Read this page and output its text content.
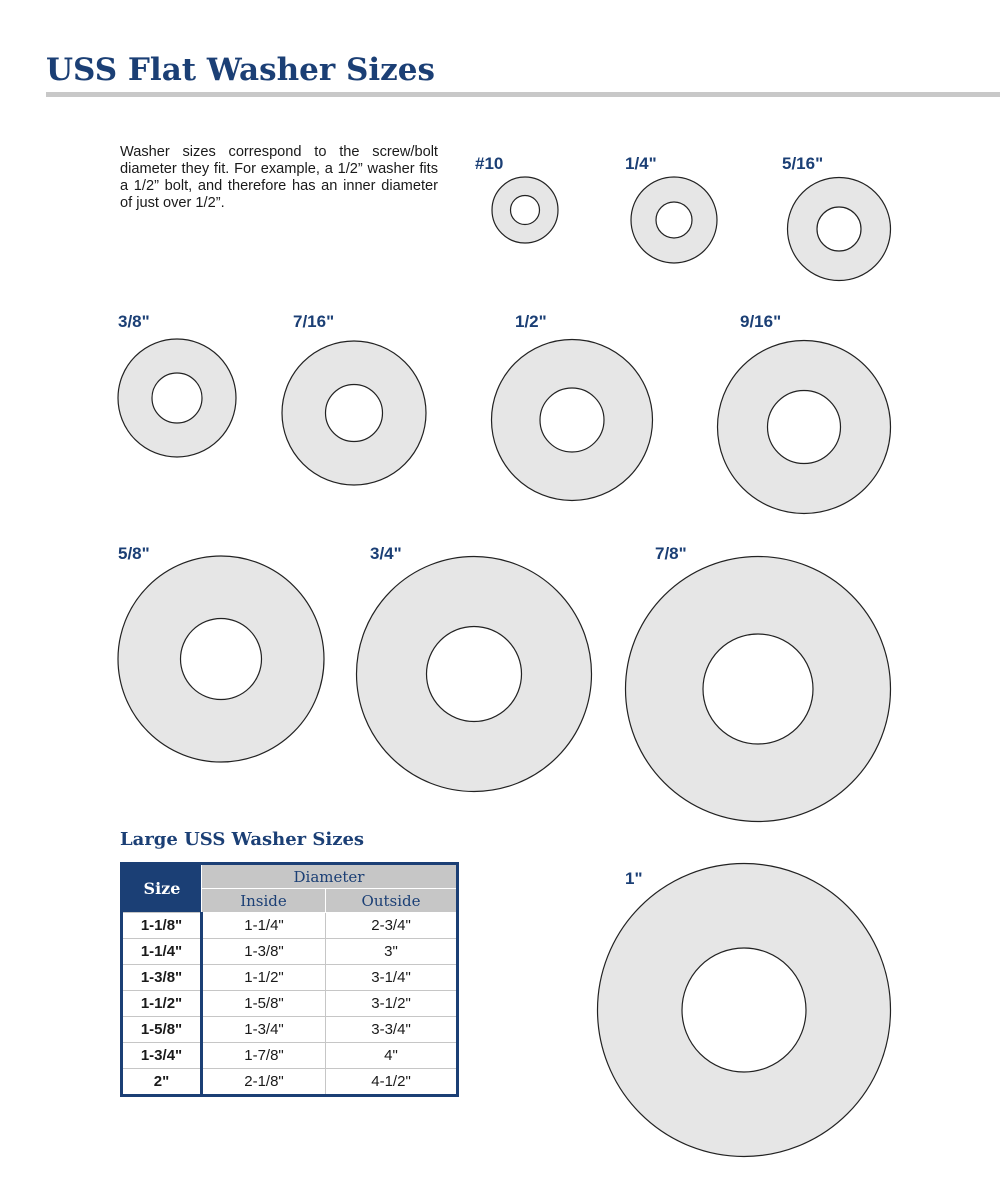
USS Flat Washer Sizes

Washer sizes correspond to the screw/bolt diameter they fit. For example, a 1/2” washer fits a 1/2” bolt, and therefore has an inner diameter of just over 1/2”.

#10	1/4"	5/16"
3/8"	7/16"	1/2"	9/16"
5/8"	3/4"	7/8"
1"
Large USS Washer Sizes
Size	Diameter	
	Inside	Outside
1-1/8"	1-1/4"	2-3/4"
1-1/4"	1-3/8"	3"
1-3/8"	1-1/2"	3-1/4"
1-1/2"	1-5/8"	3-1/2"
1-5/8"	1-3/4"	3-3/4"
1-3/4"	1-7/8"	4"
2"	2-1/8"	4-1/2"
